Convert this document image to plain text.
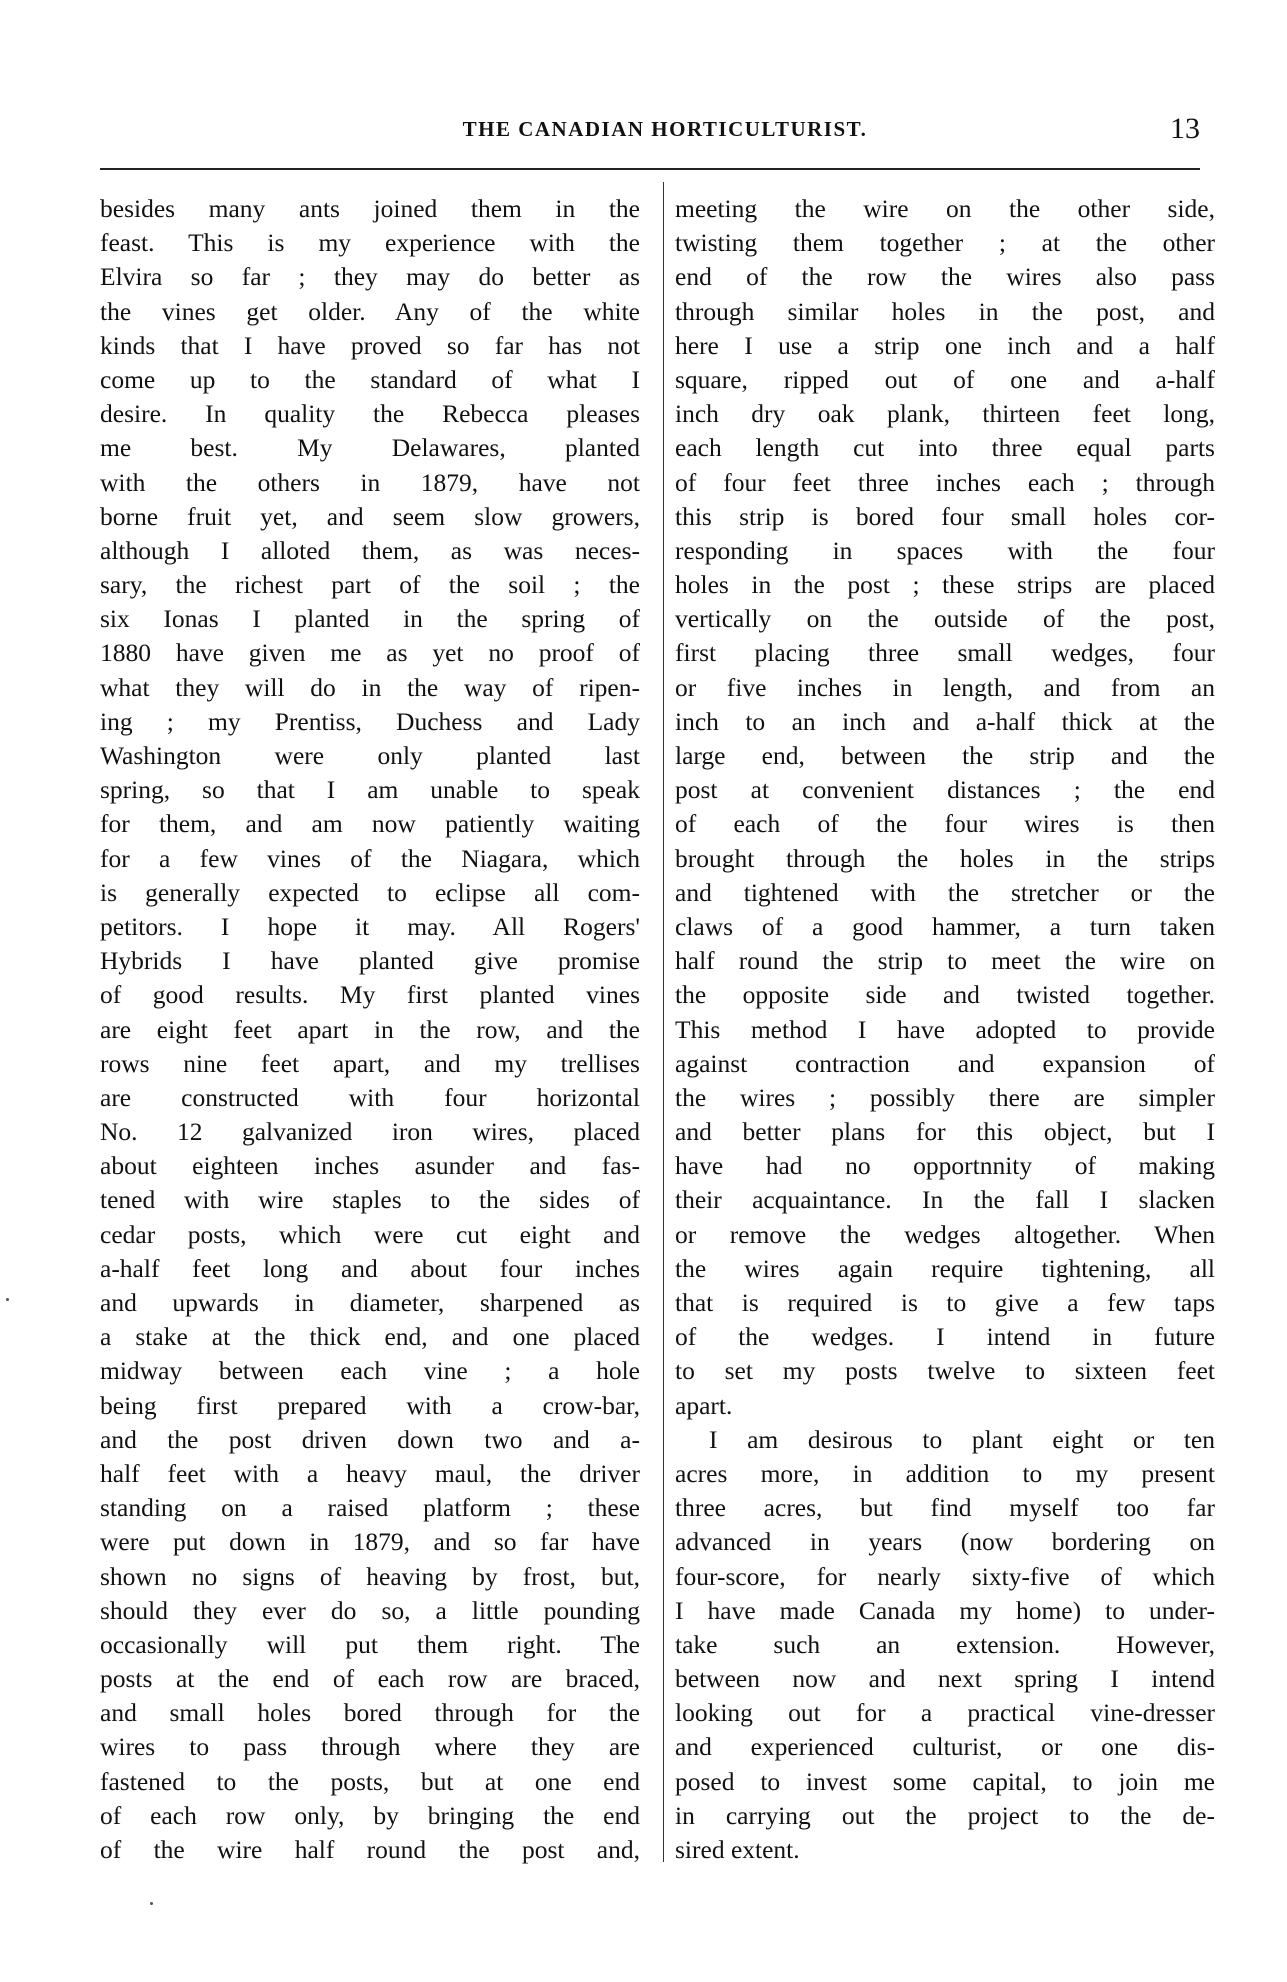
THE CANADIAN HORTICULTURIST.	13
besides many ants joined them in the
feast. This is my experience with the
Elvira so far ; they may do better as
the vines get older. Any of the white
kinds that I have proved so far has not
come up to the standard of what I
desire. In quality the Rebecca pleases
me best. My Delawares, planted
with the others in 1879, have not
borne fruit yet, and seem slow growers,
although I alloted them, as was neces-
sary, the richest part of the soil ; the
six Ionas I planted in the spring of
1880 have given me as yet no proof of
what they will do in the way of ripen-
ing ; my Prentiss, Duchess and Lady
Washington were only planted last
spring, so that I am unable to speak
for them, and am now patiently waiting
for a few vines of the Niagara, which
is generally expected to eclipse all com-
petitors. I hope it may. All Rogers'
Hybrids I have planted give promise
of good results. My first planted vines
are eight feet apart in the row, and the
rows nine feet apart, and my trellises
are constructed with four horizontal
No. 12 galvanized iron wires, placed
about eighteen inches asunder and fas-
tened with wire staples to the sides of
cedar posts, which were cut eight and
a-half feet long and about four inches
and upwards in diameter, sharpened as
a stake at the thick end, and one placed
midway between each vine ; a hole
being first prepared with a crow-bar,
and the post driven down two and a-
half feet with a heavy maul, the driver
standing on a raised platform ; these
were put down in 1879, and so far have
shown no signs of heaving by frost, but,
should they ever do so, a little pounding
occasionally will put them right. The
posts at the end of each row are braced,
and small holes bored through for the
wires to pass through where they are
fastened to the posts, but at one end
of each row only, by bringing the end
of the wire half round the post and,
meeting the wire on the other side,
twisting them together ; at the other
end of the row the wires also pass
through similar holes in the post, and
here I use a strip one inch and a half
square, ripped out of one and a-half
inch dry oak plank, thirteen feet long,
each length cut into three equal parts
of four feet three inches each ; through
this strip is bored four small holes cor-
responding in spaces with the four
holes in the post ; these strips are placed
vertically on the outside of the post,
first placing three small wedges, four
or five inches in length, and from an
inch to an inch and a-half thick at the
large end, between the strip and the
post at convenient distances ; the end
of each of the four wires is then
brought through the holes in the strips
and tightened with the stretcher or the
claws of a good hammer, a turn taken
half round the strip to meet the wire on
the opposite side and twisted together.
This method I have adopted to provide
against contraction and expansion of
the wires ; possibly there are simpler
and better plans for this object, but I
have had no opportnnity of making
their acquaintance. In the fall I slacken
or remove the wedges altogether. When
the wires again require tightening, all
that is required is to give a few taps
of the wedges. I intend in future
to set my posts twelve to sixteen feet
apart.
I am desirous to plant eight or ten
acres more, in addition to my present
three acres, but find myself too far
advanced in years (now bordering on
four-score, for nearly sixty-five of which
I have made Canada my home) to under-
take such an extension. However,
between now and next spring I intend
looking out for a practical vine-dresser
and experienced culturist, or one dis-
posed to invest some capital, to join me
in carrying out the project to the de-
sired extent.
